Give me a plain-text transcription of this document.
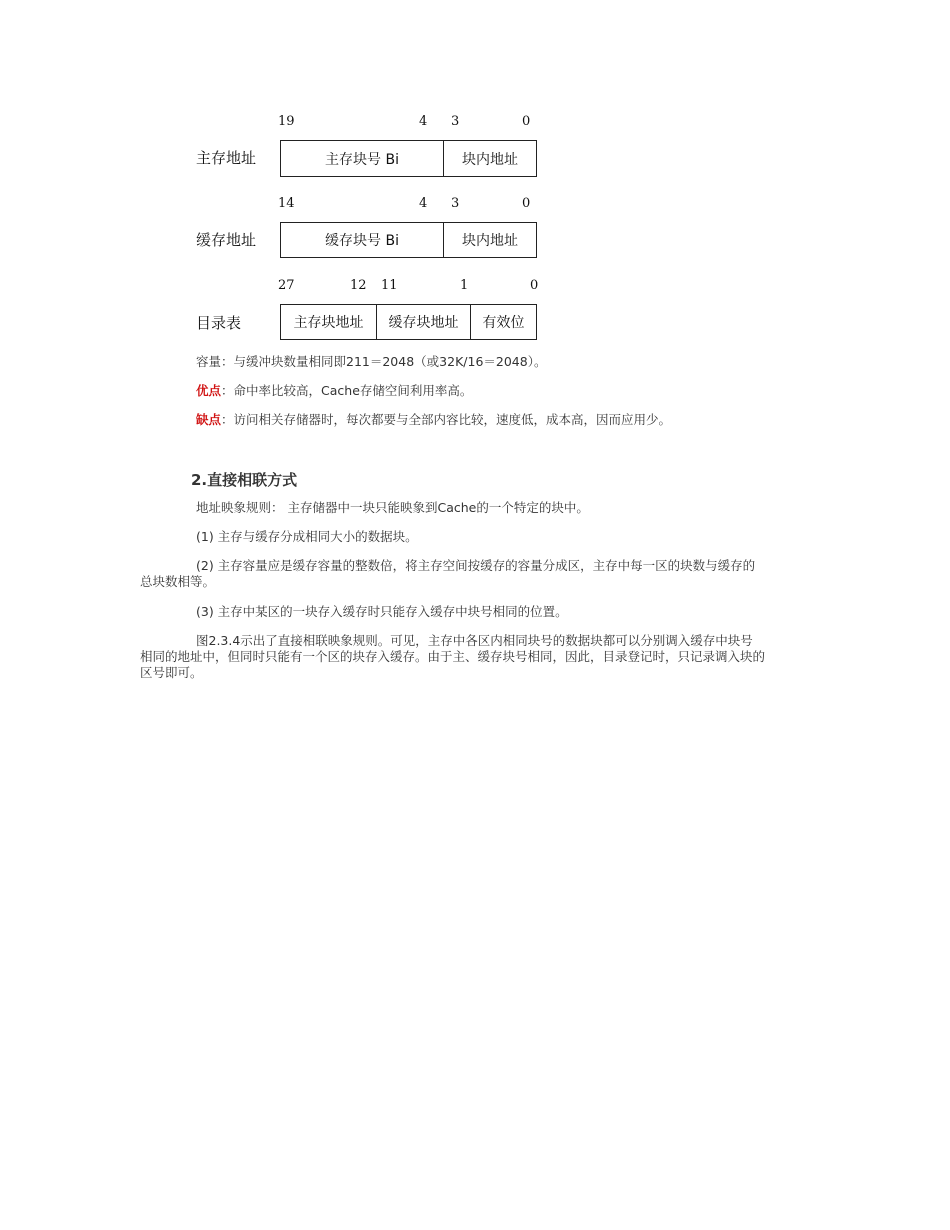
19	4 3	0
主存地址	主存块号 Bi	块内地址
14	4 3	0
缓存地址	缓存块号 Bi	块内地址
27	12 11	1	0
目录表	主存块地址	缓存块地址	有效位
容量：与缓冲块数量相同即211＝2048（或32K/16＝2048）。
优点：命中率比较高，Cache存储空间利用率高。
缺点：访问相关存储器时，每次都要与全部内容比较，速度低，成本高，因而应用少。
2.直接相联方式
地址映象规则： 主存储器中一块只能映象到Cache的一个特定的块中。
(1) 主存与缓存分成相同大小的数据块。
(2) 主存容量应是缓存容量的整数倍，将主存空间按缓存的容量分成区，主存中每一区的块数与缓存的
总块数相等。
(3) 主存中某区的一块存入缓存时只能存入缓存中块号相同的位置。
图2.3.4示出了直接相联映象规则。可见，主存中各区内相同块号的数据块都可以分别调入缓存中块号
相同的地址中，但同时只能有一个区的块存入缓存。由于主、缓存块号相同，因此，目录登记时，只记录调入块的
区号即可。
